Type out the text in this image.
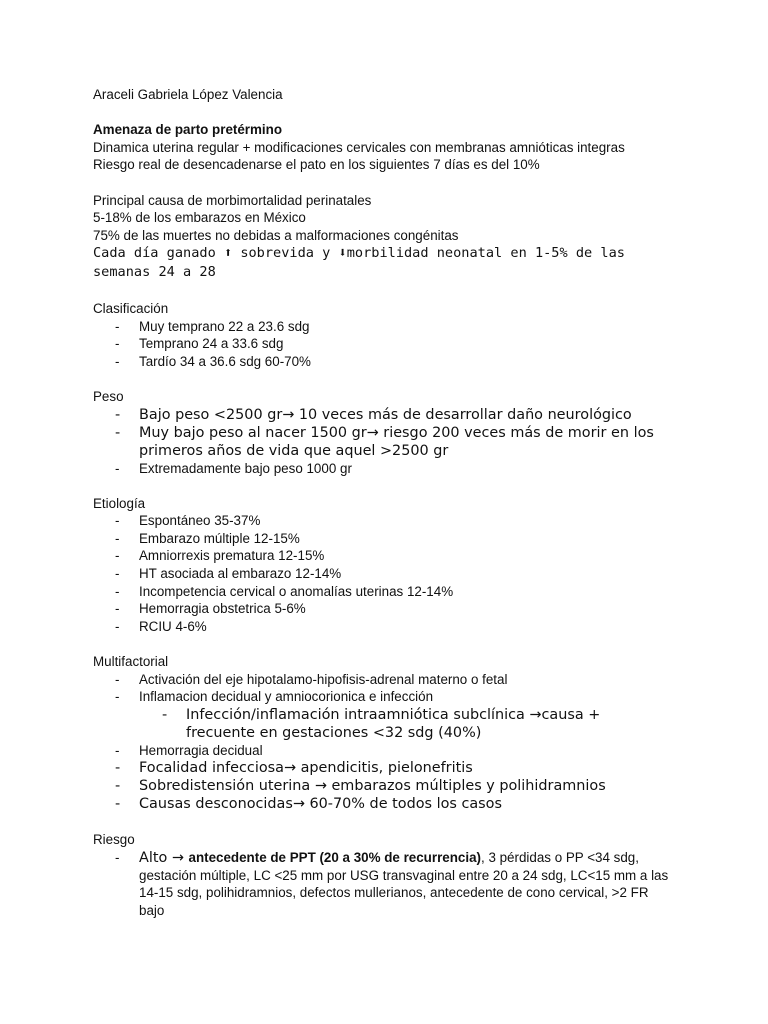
Araceli Gabriela López Valencia
Amenaza de parto pretérmino
Dinamica uterina regular + modificaciones cervicales con membranas amnióticas integras
Riesgo real de desencadenarse el pato en los siguientes 7 días es del 10%
Principal causa de morbimortalidad perinatales
5-18% de los embarazos en México
75% de las muertes no debidas a malformaciones congénitas
Cada día ganado ⬆ sobrevida y ⬇morbilidad neonatal en 1-5% de las semanas 24 a 28
Clasificación
- Muy temprano 22 a 23.6 sdg
- Temprano 24 a 33.6 sdg
- Tardío 34 a 36.6 sdg 60-70%
Peso
- Bajo peso <2500 gr→ 10 veces más de desarrollar daño neurológico
- Muy bajo peso al nacer 1500 gr→ riesgo 200 veces más de morir en los primeros años de vida que aquel >2500 gr
- Extremadamente bajo peso 1000 gr
Etiología
- Espontáneo 35-37%
- Embarazo múltiple 12-15%
- Amniorrexis prematura 12-15%
- HT asociada al embarazo 12-14%
- Incompetencia cervical o anomalías uterinas 12-14%
- Hemorragia obstetrica 5-6%
- RCIU 4-6%
Multifactorial
- Activación del eje hipotalamo-hipofisis-adrenal materno o fetal
- Inflamacion decidual y amniocorionica e infección
- Infección/inflamación intraamniótica subclínica →causa + frecuente en gestaciones <32 sdg (40%)
- Hemorragia decidual
- Focalidad infecciosa→ apendicitis, pielonefritis
- Sobredistensión uterina → embarazos múltiples y polihidramnios
- Causas desconocidas→ 60-70% de todos los casos
Riesgo
- Alto → antecedente de PPT (20 a 30% de recurrencia), 3 pérdidas o PP <34 sdg, gestación múltiple, LC <25 mm por USG transvaginal entre 20 a 24 sdg, LC<15 mm a las 14-15 sdg, polihidramnios, defectos mullerianos, antecedente de cono cervical, >2 FR bajo
